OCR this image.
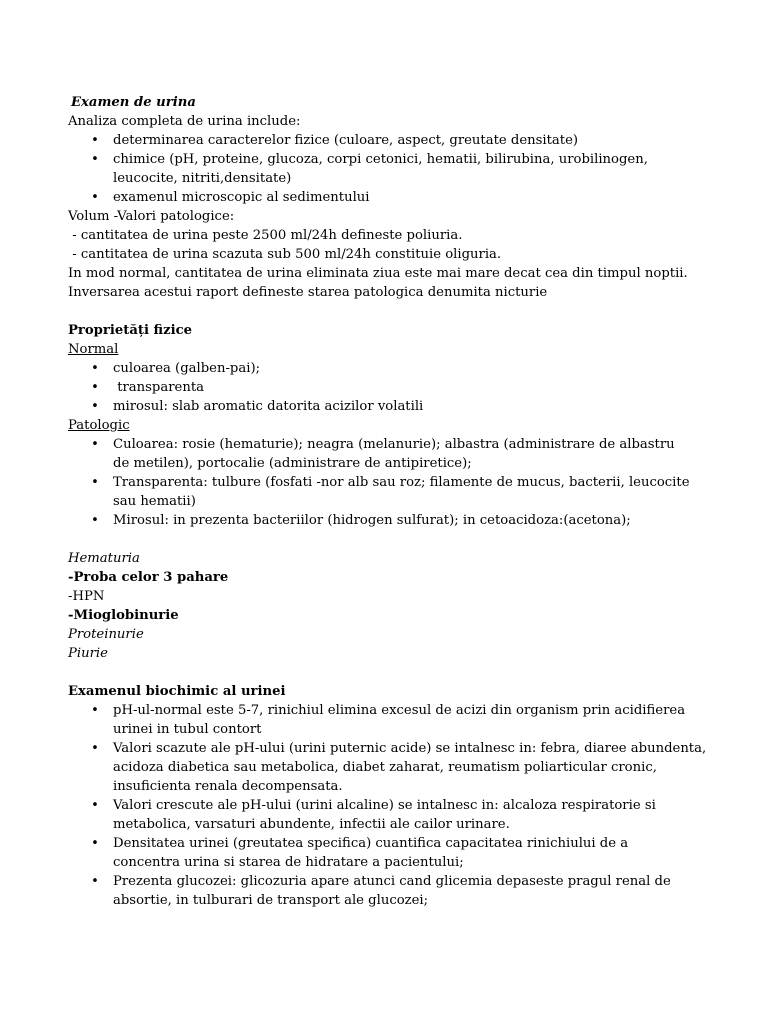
Examen de urina
Analiza completa de urina include:
• determinarea caracterelor fizice (culoare, aspect, greutate densitate)
• chimice (pH, proteine, glucoza, corpi cetonici, hematii, bilirubina, urobilinogen, leucocite, nitriti,densitate)
• examenul microscopic al sedimentului
Volum -Valori patologice:
- cantitatea de urina peste 2500 ml/24h defineste poliuria.
- cantitatea de urina scazuta sub 500 ml/24h constituie oliguria.
In mod normal, cantitatea de urina eliminata ziua este mai mare decat cea din timpul noptii.
Inversarea acestui raport defineste starea patologica denumita nicturie
Proprietăți fizice
Normal
• culoarea (galben-pai);
• transparenta
• mirosul: slab aromatic datorita acizilor volatili
Patologic
• Culoarea: rosie (hematurie); neagra (melanurie); albastra (administrare de albastru de metilen), portocalie (administrare de antipiretice);
• Transparenta: tulbure (fosfati -nor alb sau roz; filamente de mucus, bacterii, leucocite sau hematii)
• Mirosul: in prezenta bacteriilor (hidrogen sulfurat); in cetoacidoza:(acetona);
Hematuria
-Proba celor 3 pahare
-HPN
-Mioglobinurie
Proteinurie
Piurie
Examenul biochimic al urinei
• pH-ul-normal este 5-7, rinichiul elimina excesul de acizi din organism prin acidifierea urinei in tubul contort
• Valori scazute ale pH-ului (urini puternic acide) se intalnesc in: febra, diaree abundenta, acidoza diabetica sau metabolica, diabet zaharat, reumatism poliarticular cronic, insuficienta renala decompensata.
• Valori crescute ale pH-ului (urini alcaline) se intalnesc in: alcaloza respiratorie si metabolica, varsaturi abundente, infectii ale cailor urinare.
• Densitatea urinei (greutatea specifica) cuantifica capacitatea rinichiului de a concentra urina si starea de hidratare a pacientului;
• Prezenta glucozei: glicozuria apare atunci cand glicemia depaseste pragul renal de absortie, in tulburari de transport ale glucozei;
